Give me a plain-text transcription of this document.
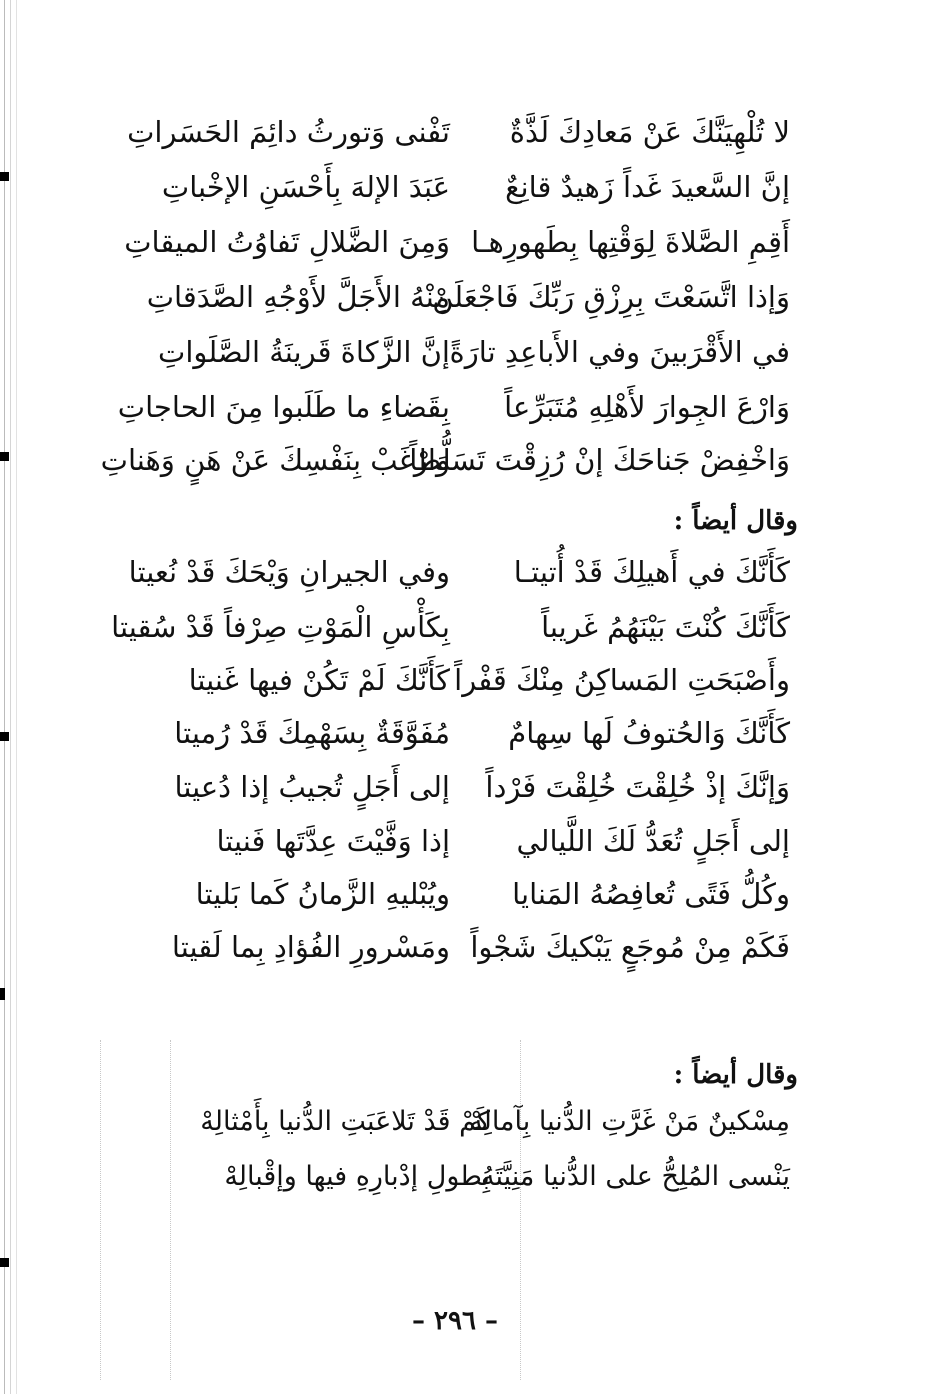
لا تُلْهِيَنَّكَ عَنْ مَعادِكَ لَذَّةٌ
تَفْنى وَتورثُ دائِمَ الحَسَراتِ
إنَّ السَّعيدَ غَداً زَهيدٌ قانِعٌ
عَبَدَ الإلهَ بِأَحْسَنِ الإخْباتِ
أَقِمِ الصَّلاةَ لِوَقْتِها بِطَهورِهـا
وَمِنَ الضَّلالِ تَفاوُتُ الميقاتِ
وَإذا اتَّسَعْتَ بِرِزْقِ رَبِّكَ فَاجْعَلَنْ
مِنْهُ الأَجَلَّ لأَوْجُهِ الصَّدَقاتِ
في الأَقْرَبينَ وفي الأَباعِدِ تارَةً
إنَّ الزَّكاةَ قَرينَةُ الصَّلَواتِ
وَارْعَ الجِوارَ لأَهْلِهِ مُتَبَرِّعاً
بِقَضاءِ ما طَلَبوا مِنَ الحاجاتِ
وَاخْفِضْ جَناحَكَ إنْ رُزِقْتَ تَسَلُّطاً
وَارْغَبْ بِنَفْسِكَ عَنْ هَنٍ وَهَناتِ
وقال أيضاً :
كَأَنَّكَ في أَهيلِكَ قَدْ أُتيتـا
وفي الجيرانِ وَيْحَكَ قَدْ نُعيتا
كَأَنَّكَ كُنْتَ بَيْنَهُمُ غَريباً
بِكَأْسِ الْمَوْتِ صِرْفاً قَدْ سُقيتا
وأَصْبَحَتِ المَساكِنُ مِنْكَ قَفْراً
كَأَنَّكَ لَمْ تَكُنْ فيها غَنيتا
كَأَنَّكَ وَالحُتوفُ لَها سِهامٌ
مُفَوَّقَةٌ بِسَهْمِكَ قَدْ رُميتا
وَإنَّكَ إذْ خُلِقْتَ خُلِقْتَ فَرْداً
إلى أَجَلٍ تُجيبُ إذا دُعيتا
إلى أَجَلٍ تُعَدُّ لَكَ اللَّيالي
إذا وَفَّيْتَ عِدَّتَها فَنيتا
وكُلُّ فَتًى تُعافِصُهُ المَنايا
ويُبْليهِ الزَّمانُ كَما بَليتا
فَكَمْ مِنْ مُوجَعٍ يَبْكيكَ شَجْواً
ومَسْرورِ الفُؤادِ بِما لَقيتا
وقال أيضاً :
مِسْكينٌ مَنْ غَرَّتِ الدُّنيا بِآمالِهْ
كَمْ قَدْ تَلاعَبَتِ الدُّنيا بِأَمْثالِهْ
يَنْسى المُلِحُّ على الدُّنيا مَنِيَّتَهُ
بِطولِ إدْبارِهِ فيها وإقْبالِهْ
– ٢٩٦ –
